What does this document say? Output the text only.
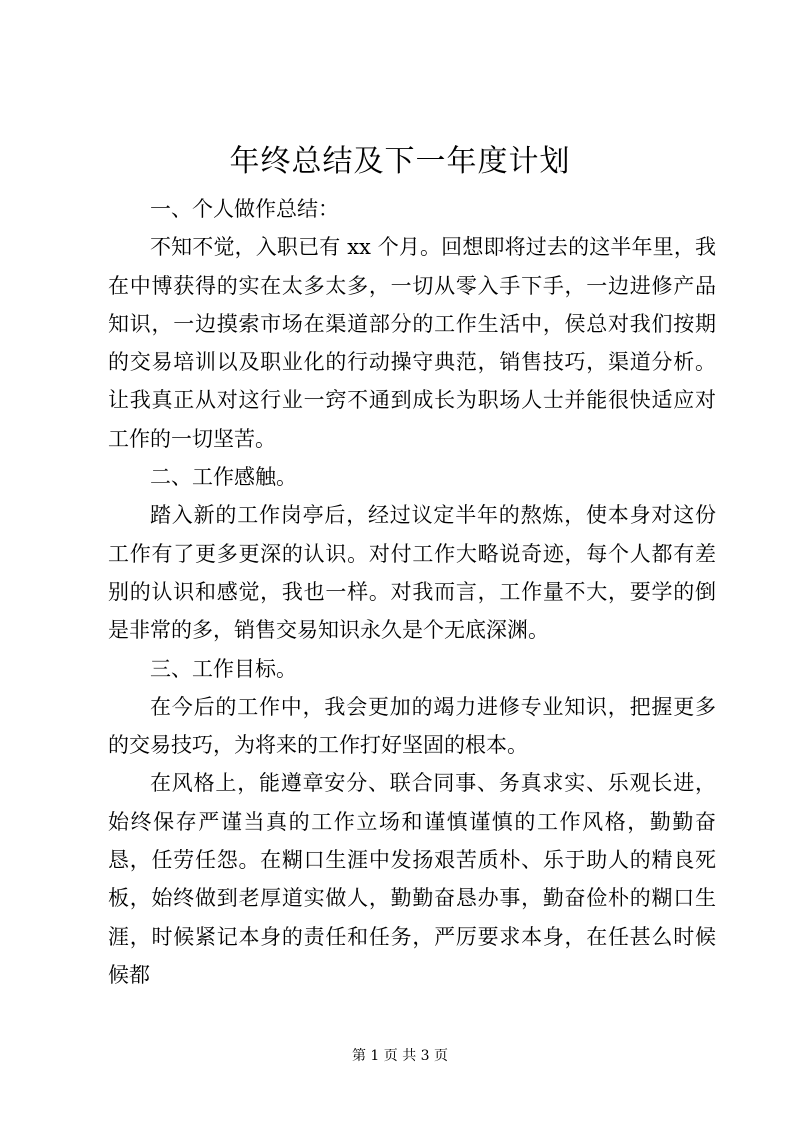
年终总结及下一年度计划

一、个人做作总结：

不知不觉，入职已有 xx 个月。回想即将过去的这半年里，我在中博获得的实在太多太多，一切从零入手下手，一边进修产品知识，一边摸索市场在渠道部分的工作生活中，侯总对我们按期的交易培训以及职业化的行动操守典范，销售技巧，渠道分析。让我真正从对这行业一窍不通到成长为职场人士并能很快适应对工作的一切坚苦。

二、工作感触。

踏入新的工作岗亭后，经过议定半年的熬炼，使本身对这份工作有了更多更深的认识。对付工作大略说奇迹，每个人都有差别的认识和感觉，我也一样。对我而言，工作量不大，要学的倒是非常的多，销售交易知识永久是个无底深渊。

三、工作目标。

在今后的工作中，我会更加的竭力进修专业知识，把握更多的交易技巧，为将来的工作打好坚固的根本。

在风格上，能遵章安分、联合同事、务真求实、乐观长进，始终保存严谨当真的工作立场和谨慎谨慎的工作风格，勤勤奋恳，任劳任怨。在糊口生涯中发扬艰苦质朴、乐于助人的精良死板，始终做到老厚道实做人，勤勤奋恳办事，勤奋俭朴的糊口生涯，时候紧记本身的责任和任务，严厉要求本身，在任甚么时候候都

第 1 页 共 3 页
